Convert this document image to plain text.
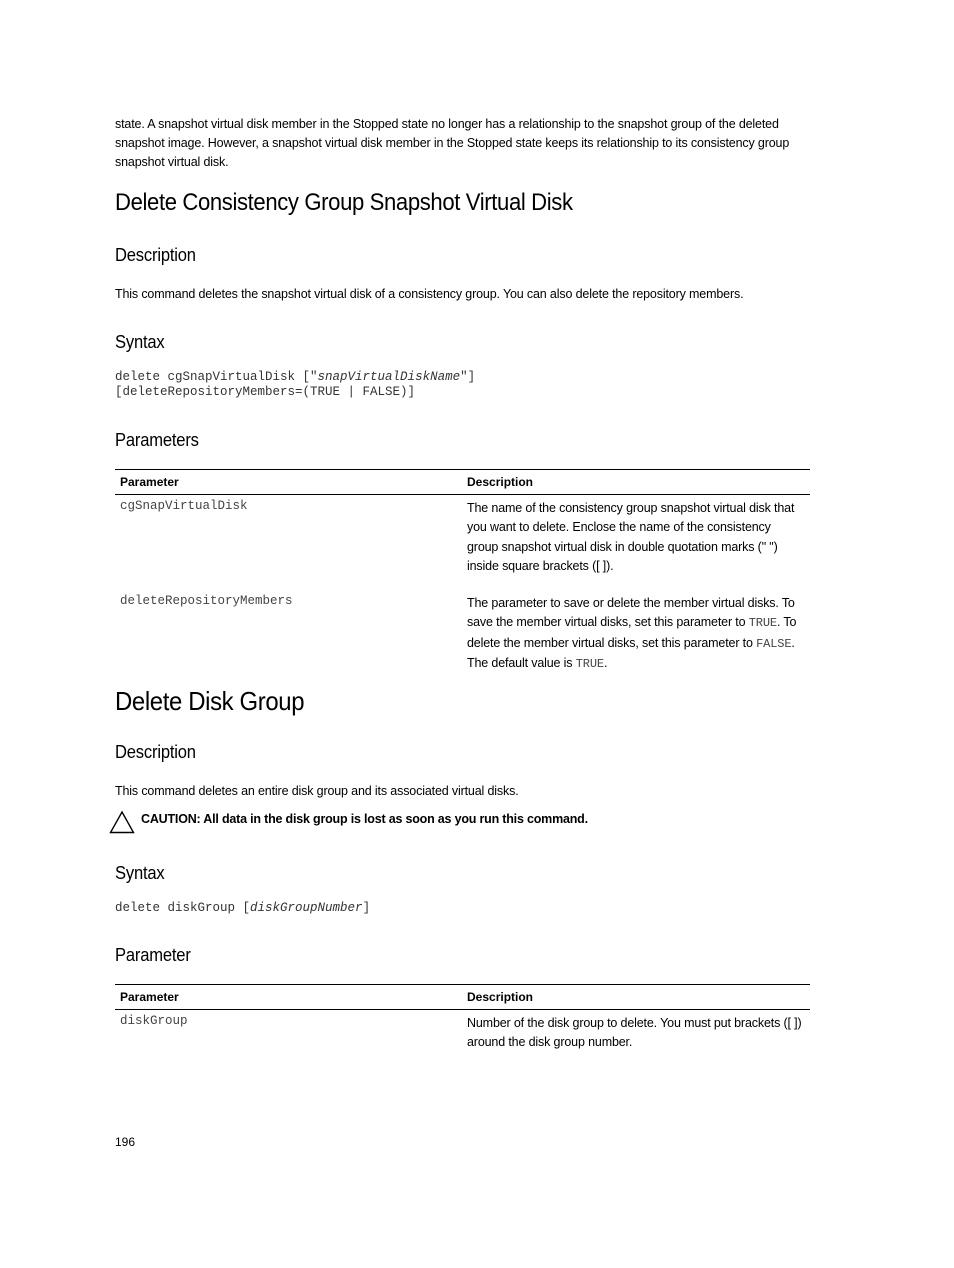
state. A snapshot virtual disk member in the Stopped state no longer has a relationship to the snapshot group of the deleted snapshot image. However, a snapshot virtual disk member in the Stopped state keeps its relationship to its consistency group snapshot virtual disk.

Delete Consistency Group Snapshot Virtual Disk
Description

This command deletes the snapshot virtual disk of a consistency group. You can also delete the repository members.

Syntax
delete cgSnapVirtualDisk ["snapVirtualDiskName"]
[deleteRepositoryMembers=(TRUE | FALSE)]
Parameters
Parameter	Description
cgSnapVirtualDisk	The name of the consistency group snapshot virtual disk that you want to delete. Enclose the name of the consistency group snapshot virtual disk in double quotation marks (" ") inside square brackets ([ ]).
deleteRepositoryMembers	The parameter to save or delete the member virtual disks. To save the member virtual disks, set this parameter to TRUE. To delete the member virtual disks, set this parameter to FALSE. The default value is TRUE.
Delete Disk Group
Description

This command deletes an entire disk group and its associated virtual disks.

CAUTION: All data in the disk group is lost as soon as you run this command.
Syntax
delete diskGroup [diskGroupNumber]
Parameter
Parameter	Description
diskGroup	Number of the disk group to delete. You must put brackets ([ ]) around the disk group number.
196
